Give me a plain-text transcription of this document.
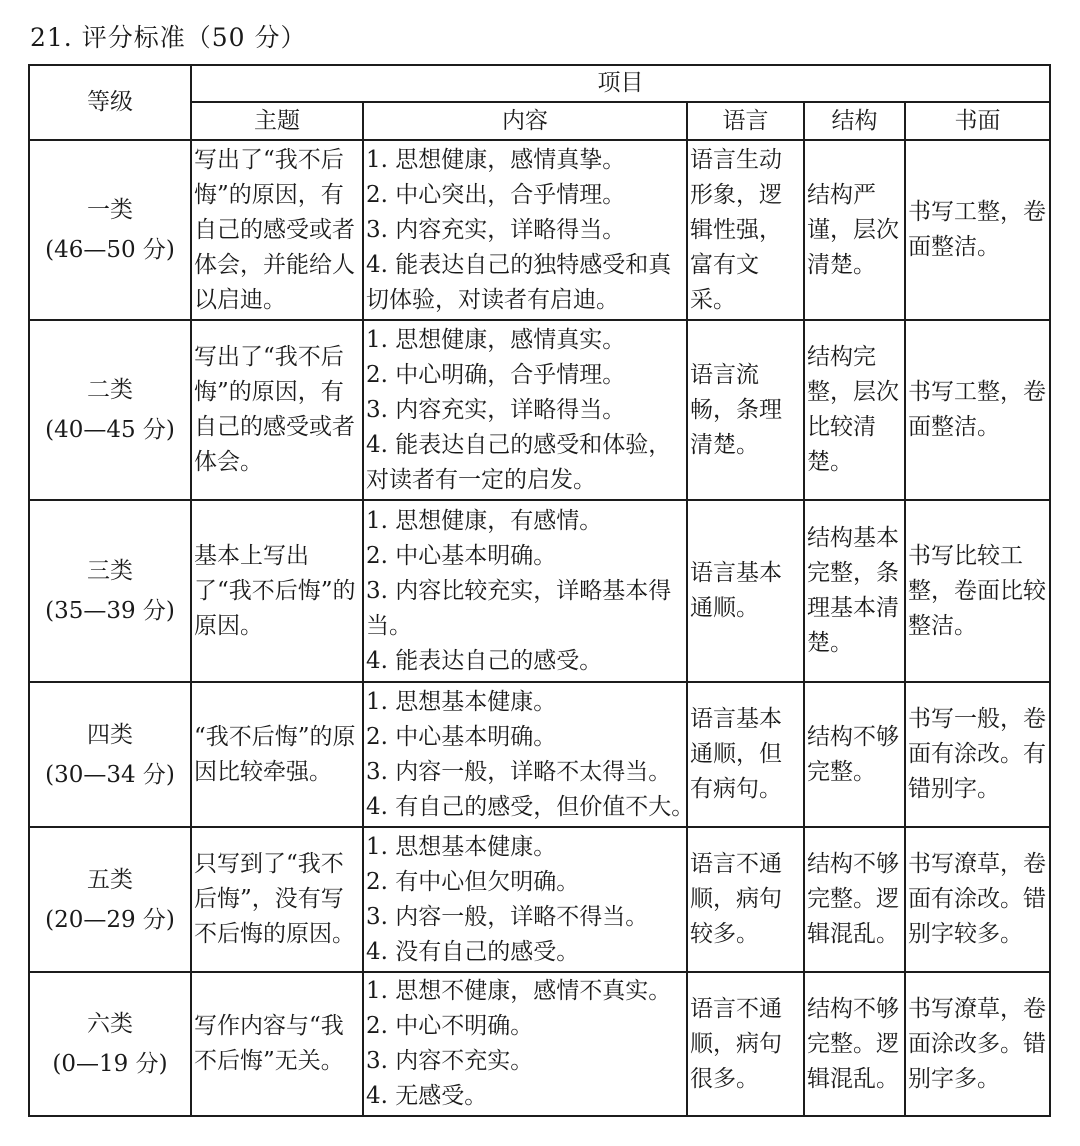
21. 评分标准（50 分）
等级	项目				
	主题	内容	语言	结构	书面

一类
(46—50 分)	写出了“我不后悔”的原因，有自己的感受或者体会，并能给人以启迪。	1. 思想健康，感情真挚。
2. 中心突出，合乎情理。
3. 内容充实，详略得当。
4. 能表达自己的独特感受和真切体验，对读者有启迪。	语言生动形象，逻辑性强，富有文采。	结构严谨，层次清楚。	书写工整，卷面整洁。

二类
(40—45 分)	写出了“我不后悔”的原因，有自己的感受或者体会。	1. 思想健康，感情真实。
2. 中心明确，合乎情理。
3. 内容充实，详略得当。
4. 能表达自己的感受和体验，对读者有一定的启发。	语言流畅，条理清楚。	结构完整，层次比较清楚。	书写工整，卷面整洁。

三类
(35—39 分)	基本上写出了“我不后悔”的原因。	1. 思想健康，有感情。
2. 中心基本明确。
3. 内容比较充实，详略基本得当。
4. 能表达自己的感受。	语言基本通顺。	结构基本完整，条理基本清楚。	书写比较工整，卷面比较整洁。

四类
(30—34 分)	“我不后悔”的原因比较牵强。	1. 思想基本健康。
2. 中心基本明确。
3. 内容一般，详略不太得当。
4. 有自己的感受，但价值不大。	语言基本通顺，但有病句。	结构不够完整。	书写一般，卷面有涂改。有错别字。

五类
(20—29 分)	只写到了“我不后悔”，没有写不后悔的原因。	1. 思想基本健康。
2. 有中心但欠明确。
3. 内容一般，详略不得当。
4. 没有自己的感受。	语言不通顺，病句较多。	结构不够完整。逻辑混乱。	书写潦草，卷面有涂改。错别字较多。

六类
(0—19 分)	写作内容与“我不后悔”无关。	1. 思想不健康，感情不真实。
2. 中心不明确。
3. 内容不充实。
4. 无感受。	语言不通顺，病句很多。	结构不够完整。逻辑混乱。	书写潦草，卷面涂改多。错别字多。
